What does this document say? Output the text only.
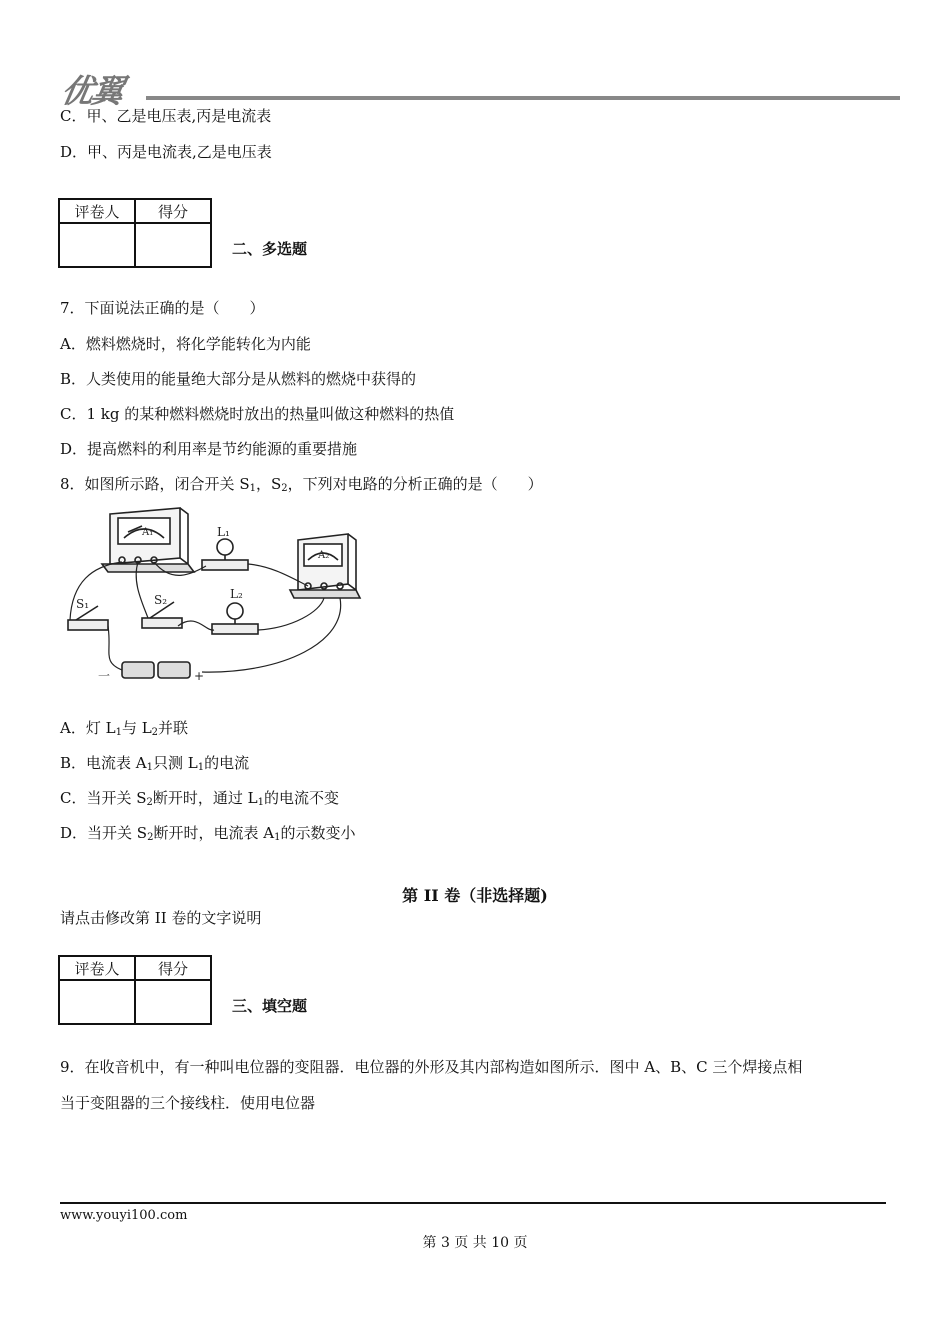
优翼
C．甲、乙是电压表,丙是电流表
D．甲、丙是电流表,乙是电压表
评卷人	得分

二、多选题
7．下面说法正确的是（　　）
A．燃料燃烧时，将化学能转化为内能
B．人类使用的能量绝大部分是从燃料的燃烧中获得的
C．1 kg 的某种燃料燃烧时放出的热量叫做这种燃料的热值
D．提高燃料的利用率是节约能源的重要措施
8．如图所示路，闭合开关 $S_1$，$S_2$，下列对电路的分析正确的是（　　）
A₁	L₁
A₂
S₁	S₂	L₂
一	+
A．灯 $L_1$与 $L_2$并联
B．电流表 $A_1$只测 $L_1$的电流
C．当开关 $S_2$断开时，通过 $L_1$的电流不变
D．当开关 $S_2$断开时，电流表 $A_1$的示数变小
第 II 卷（非选择题)
请点击修改第 II 卷的文字说明
评卷人	得分

三、填空题
9．在收音机中，有一种叫电位器的变阻器．电位器的外形及其内部构造如图所示．图中 A、B、C 三个焊接点相
当于变阻器的三个接线柱．使用电位器
www.youyi100.com
第 3 页 共 10 页
